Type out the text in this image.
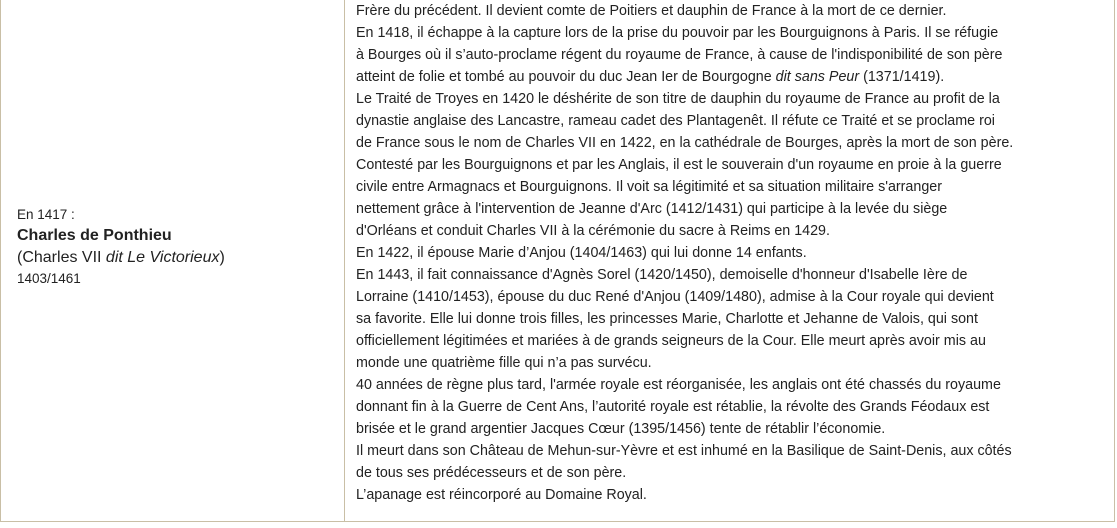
En 1417 :
Charles de Ponthieu
(Charles VII dit Le Victorieux)
1403/1461
Frère du précédent. Il devient comte de Poitiers et dauphin de France à la mort de ce dernier.
En 1418, il échappe à la capture lors de la prise du pouvoir par les Bourguignons à Paris. Il se réfugie
à Bourges où il s’auto-proclame régent du royaume de France, à cause de l'indisponibilité de son père
atteint de folie et tombé au pouvoir du duc Jean Ier de Bourgogne dit sans Peur (1371/1419).
Le Traité de Troyes en 1420 le déshérite de son titre de dauphin du royaume de France au profit de la
dynastie anglaise des Lancastre, rameau cadet des Plantagenêt. Il réfute ce Traité et se proclame roi
de France sous le nom de Charles VII en 1422, en la cathédrale de Bourges, après la mort de son père.
Contesté par les Bourguignons et par les Anglais, il est le souverain d'un royaume en proie à la guerre
civile entre Armagnacs et Bourguignons. Il voit sa légitimité et sa situation militaire s'arranger
nettement grâce à l'intervention de Jeanne d'Arc (1412/1431) qui participe à la levée du siège
d'Orléans et conduit Charles VII à la cérémonie du sacre à Reims en 1429.
En 1422, il épouse Marie d’Anjou (1404/1463) qui lui donne 14 enfants.
En 1443, il fait connaissance d'Agnès Sorel (1420/1450), demoiselle d'honneur d'Isabelle Ière de
Lorraine (1410/1453), épouse du duc René d'Anjou (1409/1480), admise à la Cour royale qui devient
sa favorite. Elle lui donne trois filles, les princesses Marie, Charlotte et Jehanne de Valois, qui sont
officiellement légitimées et mariées à de grands seigneurs de la Cour. Elle meurt après avoir mis au
monde une quatrième fille qui n’a pas survécu.
40 années de règne plus tard, l'armée royale est réorganisée, les anglais ont été chassés du royaume
donnant fin à la Guerre de Cent Ans, l’autorité royale est rétablie, la révolte des Grands Féodaux est
brisée et le grand argentier Jacques Cœur (1395/1456) tente de rétablir l’économie.
Il meurt dans son Château de Mehun-sur-Yèvre et est inhumé en la Basilique de Saint-Denis, aux côtés
de tous ses prédécesseurs et de son père.
L’apanage est réincorporé au Domaine Royal.
